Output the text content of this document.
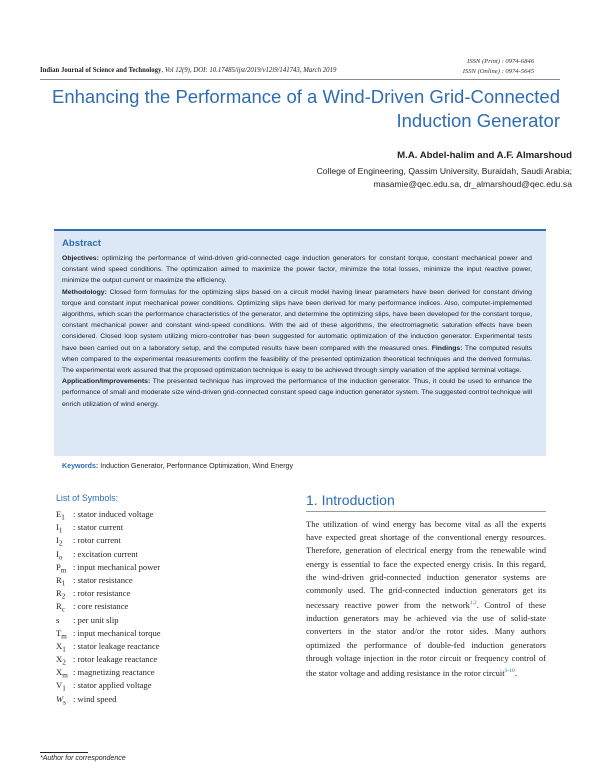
ISSN (Print) : 0974-6846
ISSN (Online) : 0974-5645
Indian Journal of Science and Technology, Vol 12(9), DOI: 10.17485/ijst/2019/v12i9/141743, March 2019
Enhancing the Performance of a Wind-Driven Grid-Connected Induction Generator
M.A. Abdel-halim and A.F. Almarshoud
College of Engineering, Qassim University, Buraidah, Saudi Arabia;
masamie@qec.edu.sa, dr_almarshoud@qec.edu.sa
Abstract

Objectives: optimizing the performance of wind-driven grid-connected cage induction generators for constant torque, constant mechanical power and constant wind speed conditions. The optimization aimed to maximize the power factor, minimize the total losses, minimize the input reactive power, minimize the output current or maximize the efficiency.

Methodology: Closed form formulas for the optimizing slips based on a circuit model having linear parameters have been derived for constant driving torque and constant input mechanical power conditions. Optimizing slips have been derived for many performance indices. Also, computer-implemented algorithms, which scan the performance characteristics of the generator, and determine the optimizing slips, have been developed for the constant torque, constant mechanical power and constant wind-speed conditions. With the aid of these algorithms, the electromagnetic saturation effects have been considered. Closed loop system utilizing micro-controller has been suggested for automatic optimization of the induction generator. Experimental tests have been carried out on a laboratory setup, and the computed results have been compared with the measured ones. Findings: The computed results when compared to the experimental measurements confirm the feasibility of the presented optimization theoretical techniques and the derived formulas. The experimental work assured that the proposed optimization technique is easy to be achieved through simply variation of the applied terminal voltage.

Application/Improvements: The presented technique has improved the performance of the induction generator. Thus, it could be used to enhance the performance of small and moderate size wind-driven grid-connected constant speed cage induction generator system. The suggested control technique will enrich utilization of wind energy.

Keywords: Induction Generator, Performance Optimization, Wind Energy
List of Symbols:
$E_1$ : stator induced voltage
$I_1$ : stator current
$I_2$ : rotor current
$I_o$ : excitation current
$P_m$ : input mechanical power
$R_1$ : stator resistance
$R_2$ : rotor resistance
$R_c$ : core resistance
s : per unit slip
$T_m$ : input mechanical torque
$X_1$ : stator leakage reactance
$X_2$ : rotor leakage reactance
$X_m$ : magnetizing reactance
$V_1$ : stator applied voltage
$W_s$ : wind speed
1. Introduction

The utilization of wind energy has become vital as all the experts have expected great shortage of the conventional energy resources. Therefore, generation of electrical energy from the renewable wind energy is essential to face the expected energy crisis. In this regard, the wind-driven grid-connected induction generator systems are commonly used. The grid-connected induction generators get its necessary reactive power from the network$^{1,2}$. Control of these induction generators may be achieved via the use of solid-state converters in the stator and/or the rotor sides. Many authors optimized the performance of double-fed induction generators through voltage injection in the rotor circuit or frequency control of the stator voltage and adding resistance in the rotor circuit$^{3-10}$.

*Author for correspondence
